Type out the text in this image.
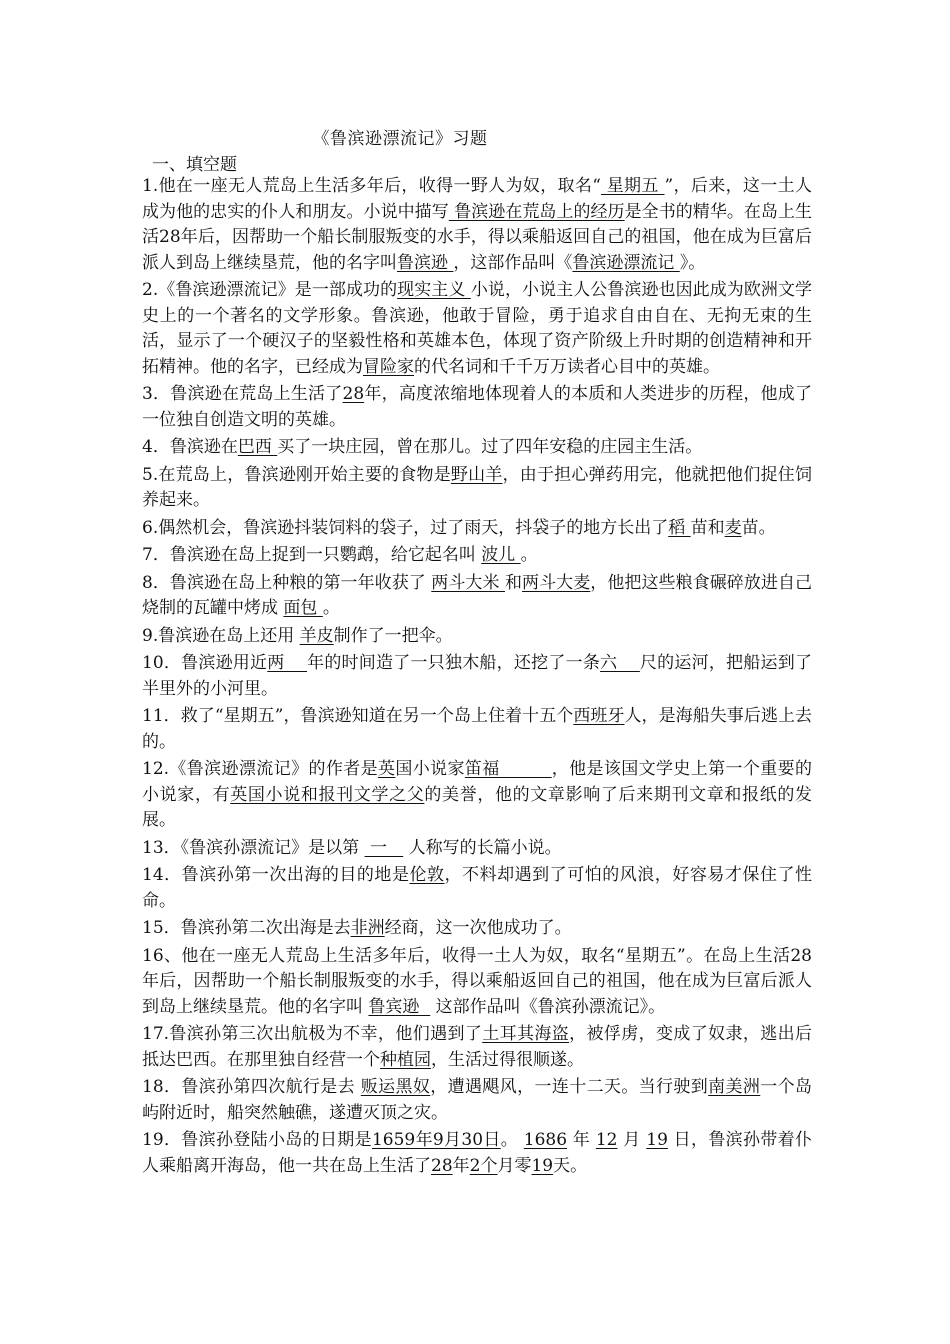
《鲁滨逊漂流记》习题
一、填空题
1.他在一座无人荒岛上生活多年后，收得一野人为奴，取名“ 星期五 ”，后来，这一土人成为他的忠实的仆人和朋友。小说中描写 鲁滨逊在荒岛上的经历是全书的精华。在岛上生活28年后，因帮助一个船长制服叛变的水手，得以乘船返回自己的祖国，他在成为巨富后派人到岛上继续垦荒，他的名字叫鲁滨逊 ，这部作品叫《鲁滨逊漂流记 》。
2.《鲁滨逊漂流记》是一部成功的现实主义 小说，小说主人公鲁滨逊也因此成为欧洲文学史上的一个著名的文学形象。鲁滨逊，他敢于冒险，勇于追求自由自在、无拘无束的生活，显示了一个硬汉子的坚毅性格和英雄本色，体现了资产阶级上升时期的创造精神和开拓精神。他的名字，已经成为冒险家的代名词和千千万万读者心目中的英雄。
3．鲁滨逊在荒岛上生活了28年，高度浓缩地体现着人的本质和人类进步的历程，他成了一位独自创造文明的英雄。
4．鲁滨逊在巴西 买了一块庄园，曾在那儿。过了四年安稳的庄园主生活。
5.在荒岛上，鲁滨逊刚开始主要的食物是野山羊，由于担心弹药用完，他就把他们捉住饲养起来。
6.偶然机会，鲁滨逊抖装饲料的袋子，过了雨天，抖袋子的地方长出了稻 苗和麦苗。
7．鲁滨逊在岛上捉到一只鹦鹉，给它起名叫 波儿 。
8．鲁滨逊在岛上种粮的第一年收获了 两斗大米 和两斗大麦，他把这些粮食碾碎放进自己烧制的瓦罐中烤成 面包 。
9.鲁滨逊在岛上还用 羊皮制作了一把伞。
10．鲁滨逊用近两    年的时间造了一只独木船，还挖了一条六    尺的运河，把船运到了半里外的小河里。
11．救了“星期五”，鲁滨逊知道在另一个岛上住着十五个西班牙人，是海船失事后逃上去的。
12.《鲁滨逊漂流记》的作者是英国小说家笛福         ，他是该国文学史上第一个重要的小说家，有英国小说和报刊文学之父的美誉，他的文章影响了后来期刊文章和报纸的发展。
13．《鲁滨孙漂流记》是以第  一    人称写的长篇小说。
14．鲁滨孙第一次出海的目的地是伦敦，不料却遇到了可怕的风浪，好容易才保住了性命。
15．鲁滨孙第二次出海是去非洲经商，这一次他成功了。
16、他在一座无人荒岛上生活多年后，收得一土人为奴，取名“星期五”。在岛上生活28年后，因帮助一个船长制服叛变的水手，得以乘船返回自己的祖国，他在成为巨富后派人到岛上继续垦荒。他的名字叫 鲁宾逊   这部作品叫《鲁滨孙漂流记》。
17.鲁滨孙第三次出航极为不幸，他们遇到了土耳其海盗，被俘虏，变成了奴隶，逃出后抵达巴西。在那里独自经营一个种植园，生活过得很顺遂。
18．鲁滨孙第四次航行是去 贩运黑奴，遭遇飓风，一连十二天。当行驶到南美洲一个岛屿附近时，船突然触礁，遂遭灭顶之灾。
19．鲁滨孙登陆小岛的日期是1659年9月30日。 1686 年 12 月 19 日，鲁滨孙带着仆人乘船离开海岛，他一共在岛上生活了28年2个月零19天。
